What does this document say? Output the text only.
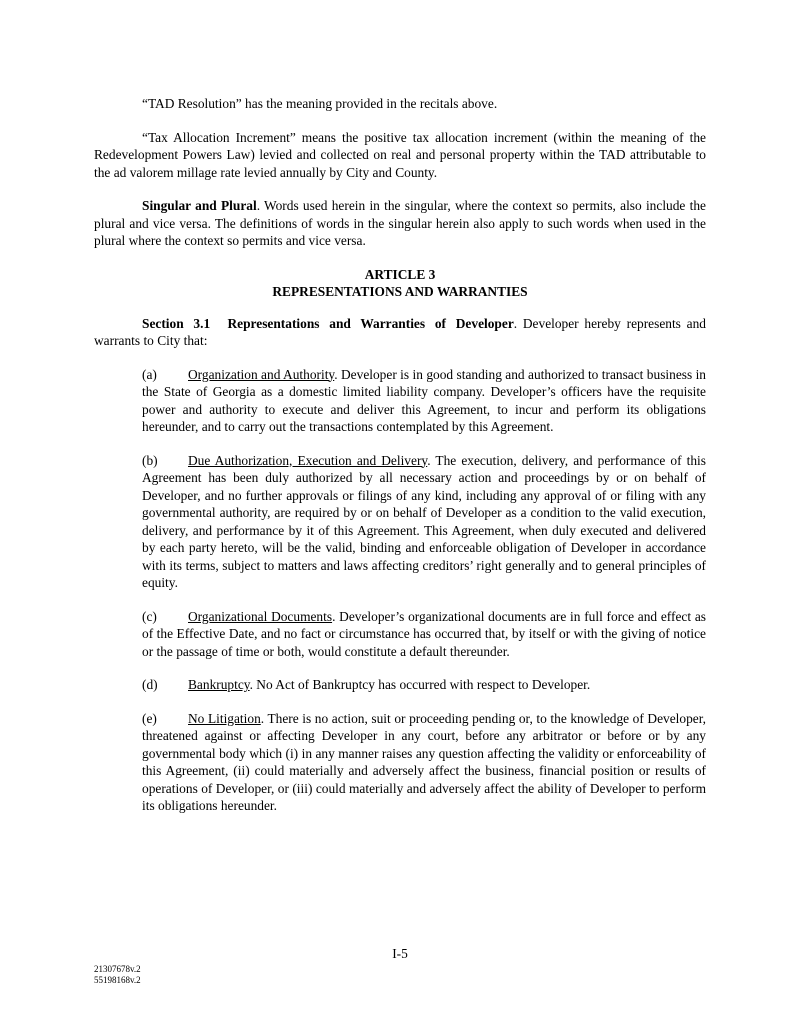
“TAD Resolution” has the meaning provided in the recitals above.

“Tax Allocation Increment” means the positive tax allocation increment (within the meaning of the Redevelopment Powers Law) levied and collected on real and personal property within the TAD attributable to the ad valorem millage rate levied annually by City and County.

Singular and Plural. Words used herein in the singular, where the context so permits, also include the plural and vice versa. The definitions of words in the singular herein also apply to such words when used in the plural where the context so permits and vice versa.

ARTICLE 3

REPRESENTATIONS AND WARRANTIES

Section 3.1 Representations and Warranties of Developer. Developer hereby represents and warrants to City that:

(a) Organization and Authority. Developer is in good standing and authorized to transact business in the State of Georgia as a domestic limited liability company. Developer’s officers have the requisite power and authority to execute and deliver this Agreement, to incur and perform its obligations hereunder, and to carry out the transactions contemplated by this Agreement.

(b) Due Authorization, Execution and Delivery. The execution, delivery, and performance of this Agreement has been duly authorized by all necessary action and proceedings by or on behalf of Developer, and no further approvals or filings of any kind, including any approval of or filing with any governmental authority, are required by or on behalf of Developer as a condition to the valid execution, delivery, and performance by it of this Agreement. This Agreement, when duly executed and delivered by each party hereto, will be the valid, binding and enforceable obligation of Developer in accordance with its terms, subject to matters and laws affecting creditors’ right generally and to general principles of equity.

(c) Organizational Documents. Developer’s organizational documents are in full force and effect as of the Effective Date, and no fact or circumstance has occurred that, by itself or with the giving of notice or the passage of time or both, would constitute a default thereunder.

(d) Bankruptcy. No Act of Bankruptcy has occurred with respect to Developer.

(e) No Litigation. There is no action, suit or proceeding pending or, to the knowledge of Developer, threatened against or affecting Developer in any court, before any arbitrator or before or by any governmental body which (i) in any manner raises any question affecting the validity or enforceability of this Agreement, (ii) could materially and adversely affect the business, financial position or results of operations of Developer, or (iii) could materially and adversely affect the ability of Developer to perform its obligations hereunder.

I-5
21307678v.2
55198168v.2
